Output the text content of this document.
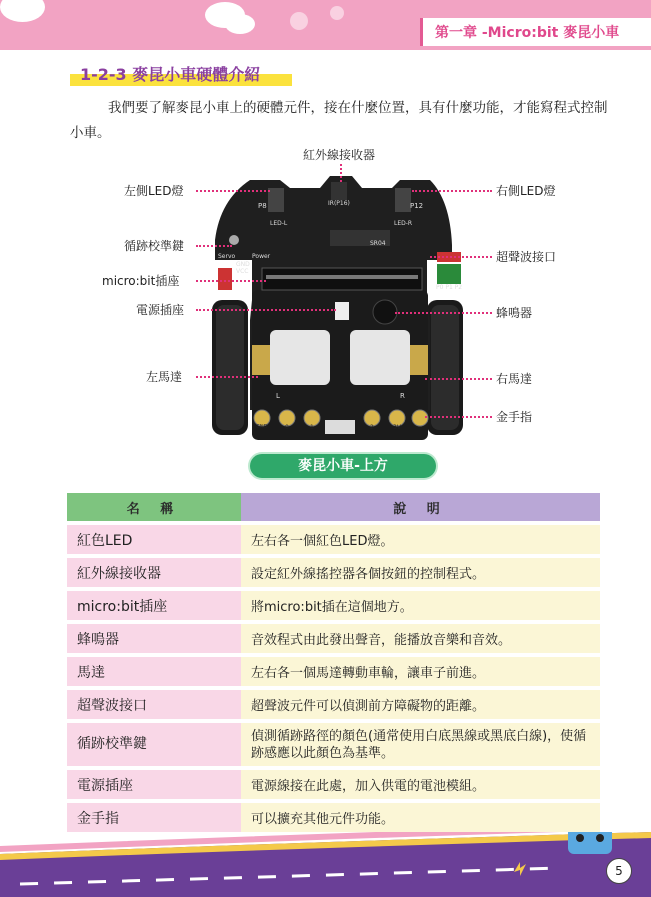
第一章 -Micro:bit 麥昆小車
1-2-3 麥昆小車硬體介紹
我們要了解麥昆小車上的硬體元件，接在什麼位置，具有什麼功能，才能寫程式控制小車。
P8	P12
IR(P16)
LED-L	LED-R
SR04
Servo
GND
VCC
Power
P0 P1 P2
L	R
GND	0	1	2	3V
紅外線接收器
左側LED燈	右側LED燈
循跡校準鍵
超聲波接口
micro:bit插座
電源插座	蜂鳴器
左馬達	右馬達
金手指
麥昆小車-上方
名 稱	說 明
紅色LED	左右各一個紅色LED燈。
紅外線接收器	設定紅外線搖控器各個按鈕的控制程式。
micro:bit插座	將micro:bit插在這個地方。
蜂鳴器	音效程式由此發出聲音，能播放音樂和音效。
馬達	左右各一個馬達轉動車輪，讓車子前進。
超聲波接口	超聲波元件可以偵測前方障礙物的距離。
循跡校準鍵	偵測循跡路徑的顏色(通常使用白底黑線或黑底白線)，使循跡感應以此顏色為基準。
電源插座	電源線接在此處，加入供電的電池模組。
金手指	可以擴充其他元件功能。
5
